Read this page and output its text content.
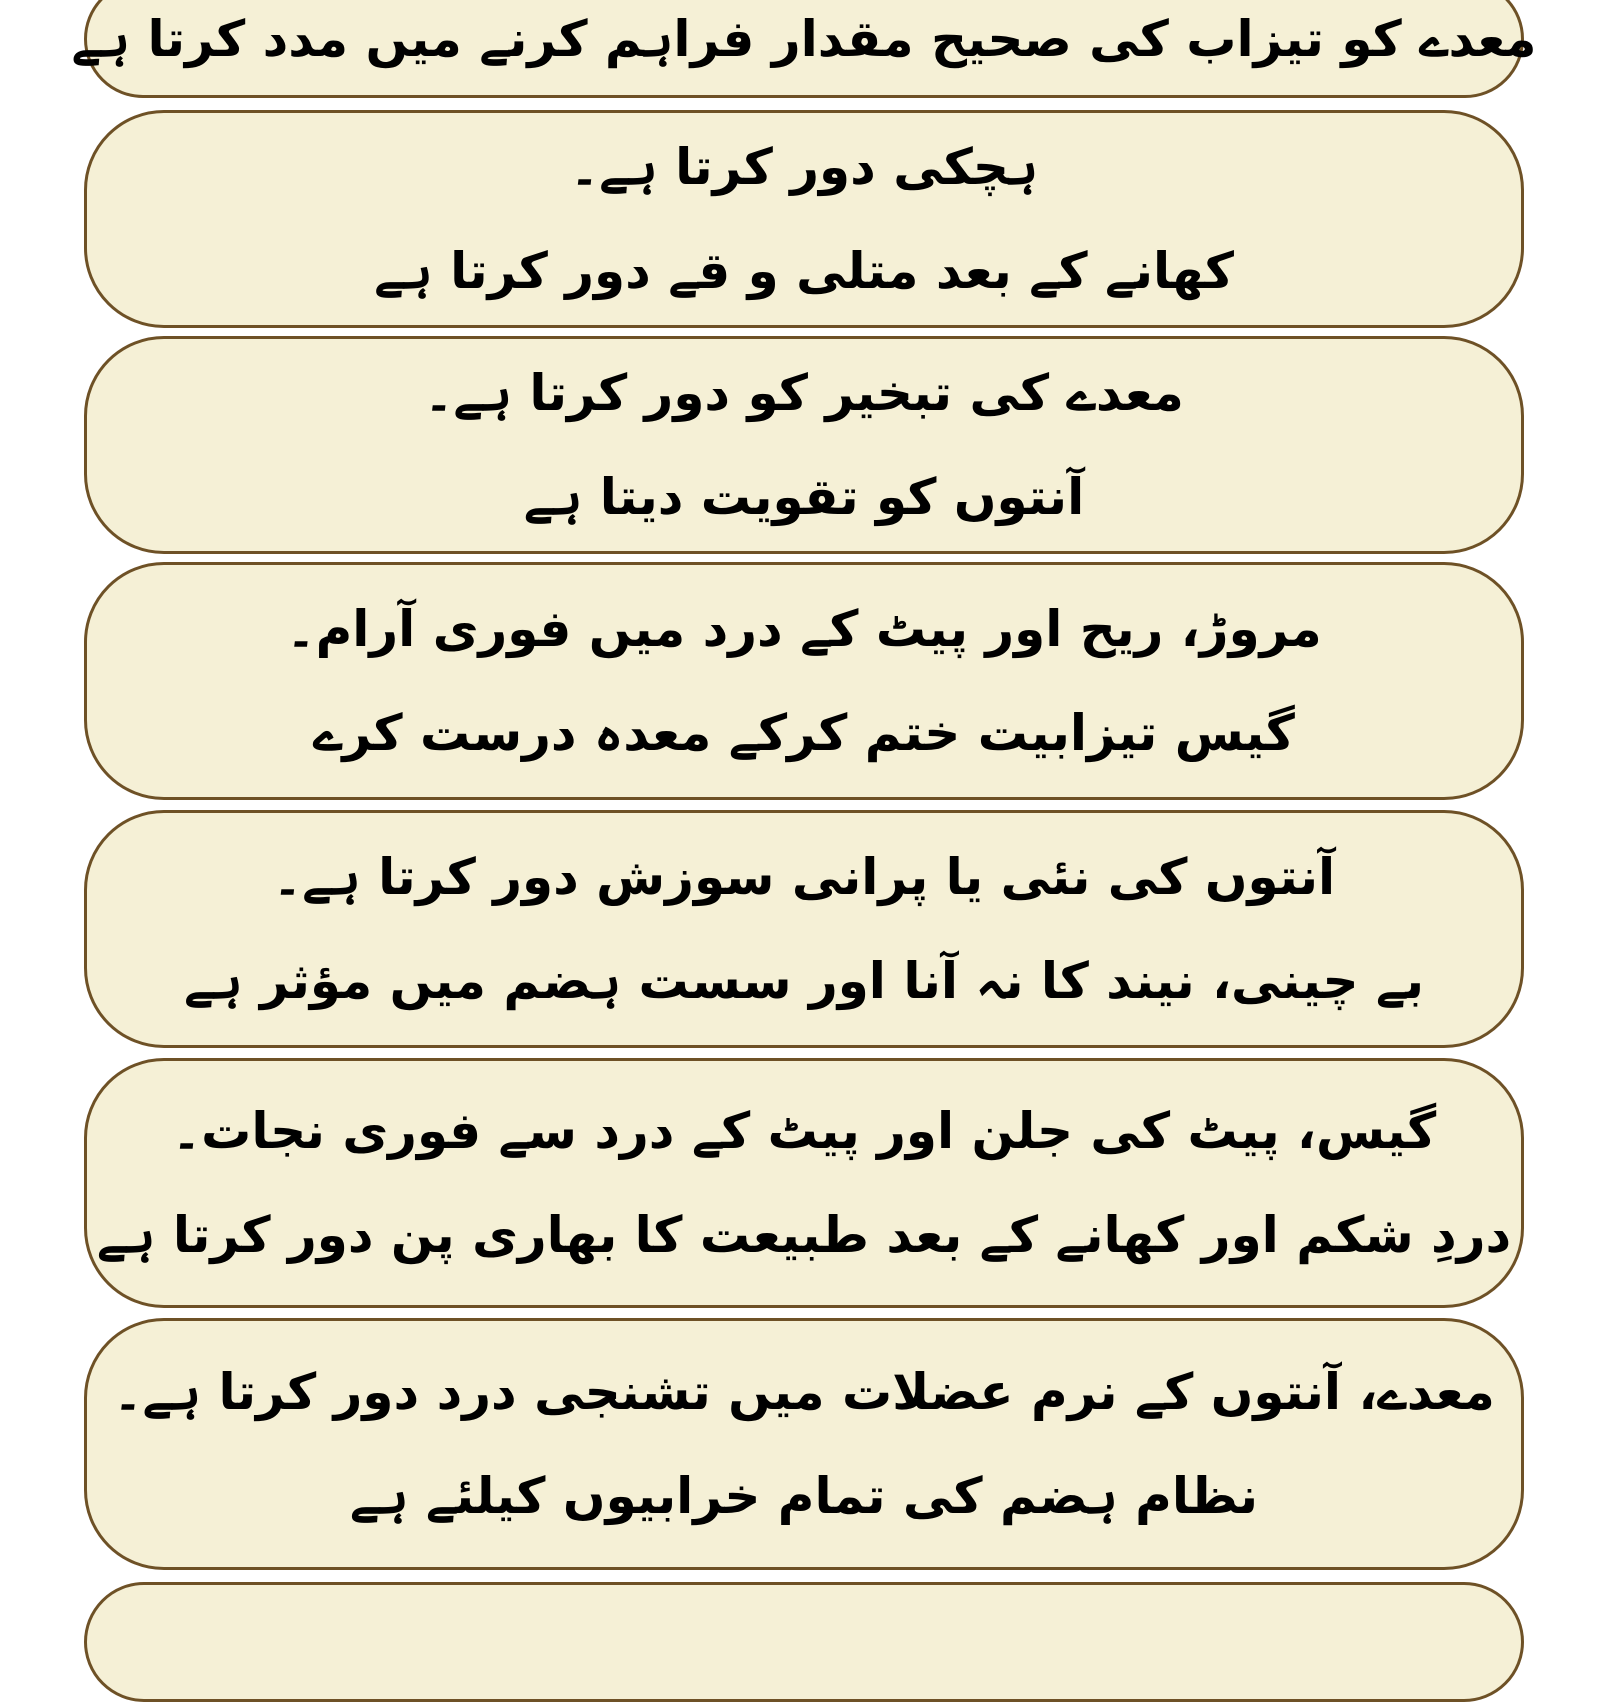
معدے کو تیزاب کی صحیح مقدار فراہم کرنے میں مدد کرتا ہے
ہچکی دور کرتا ہے۔
کھانے کے بعد متلی و قے دور کرتا ہے
معدے کی تبخیر کو دور کرتا ہے۔
آنتوں کو تقویت دیتا ہے
مروڑ، ریح اور پیٹ کے درد میں فوری آرام۔
گیس تیزابیت ختم کرکے معدہ درست کرے
آنتوں کی نئی یا پرانی سوزش دور کرتا ہے۔
بے چینی، نیند کا نہ آنا اور سست ہضم میں مؤثر ہے
گیس، پیٹ کی جلن اور پیٹ کے درد سے فوری نجات۔
دردِ شکم اور کھانے کے بعد طبیعت کا بھاری پن دور کرتا ہے
معدے، آنتوں کے نرم عضلات میں تشنجی درد دور کرتا ہے۔
نظام ہضم کی تمام خرابیوں کیلئے ہے
